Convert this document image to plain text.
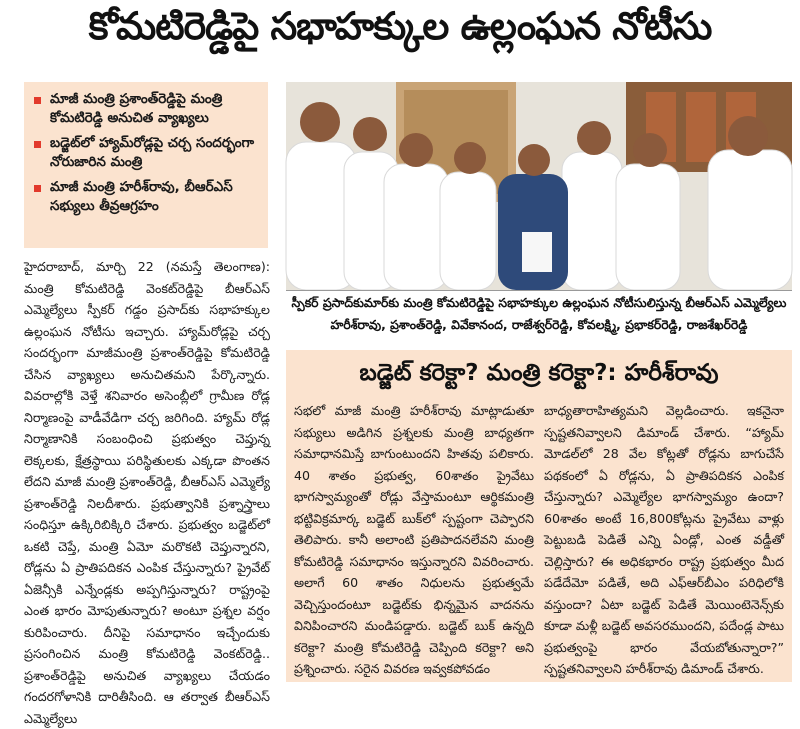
కోమటిరెడ్డిపై సభాహక్కుల ఉల్లంఘన నోటీసు
మాజీ మంత్రి ప్రశాంత్‌రెడ్డిపై మంత్రి కోమటిరెడ్డి అనుచిత వ్యాఖ్యలు
బడ్జెట్‌లో హ్యామ్‌రోడ్లపై చర్చ సందర్భంగా నోరుజారిన మంత్రి
మాజీ మంత్రి హరీశ్‌రావు, బీఆర్‌ఎస్‌ సభ్యులు తీవ్రఆగ్రహం

హైదరాబాద్‌, మార్చి 22 (నమస్తే తెలంగాణ): మంత్రి కోమటిరెడ్డి వెంకట్‌రెడ్డిపై బీఆర్‌ఎస్‌ ఎమ్మెల్యేలు స్పీకర్‌ గడ్డం ప్రసాద్‌కు సభాహక్కుల ఉల్లంఘన నోటీసు ఇచ్చారు. హ్యామ్‌రోడ్లపై చర్చ సందర్భంగా మాజీమంత్రి ప్రశాంత్‌రెడ్డిపై కోమటిరెడ్డి చేసిన వ్యాఖ్యలు అనుచితమని పేర్కొన్నారు. వివరాల్లోకి వెళ్తే శనివారం అసెంబ్లీలో గ్రామీణ రోడ్ల నిర్మాణంపై వాడీవేడిగా చర్చ జరిగింది. హ్యామ్‌ రోడ్ల నిర్మాణానికి సంబంధించి ప్రభుత్వం చెప్తున్న లెక్కలకు, క్షేత్రస్థాయి పరిస్థితులకు ఎక్కడా పొంతన లేదని మాజీ మంత్రి ప్రశాంత్‌రెడ్డి, బీఆర్‌ఎస్‌ ఎమ్మెల్యే ప్రశాంత్‌రెడ్డి నిలదీశారు. ప్రభుత్వానికి ప్రశ్నాస్త్రాలు సంధిస్తూ ఉక్కిరిబిక్కిరి చేశారు. ప్రభుత్వం బడ్జెట్‌లో ఒకటి చెప్తే, మంత్రి ఏమో మరొకటి చెప్తున్నారని, రోడ్లను ఏ ప్రాతిపదికన ఎంపిక చేస్తున్నారు? ప్రైవేట్‌ ఏజెన్సీకి ఎన్నేండ్లకు అప్పగిస్తున్నారు? రాష్ట్రంపై ఎంత భారం మోపుతున్నారు? అంటూ ప్రశ్నల వర్షం కురిపించారు. దీనిపై సమాధానం ఇచ్చేందుకు ప్రసంగించిన మంత్రి కోమటిరెడ్డి వెంకట్‌రెడ్డి.. ప్రశాంత్‌రెడ్డిపై అనుచిత వ్యాఖ్యలు చేయడం గందరగోళానికి దారితీసింది. ఆ తర్వాత బీఆర్‌ఎస్‌ ఎమ్మెల్యేలు

స్పీకర్‌ ప్రసాద్‌కుమార్‌కు మంత్రి కోమటిరెడ్డిపై సభాహక్కుల ఉల్లంఘన నోటీసులిస్తున్న బీఆర్‌ఎస్‌ ఎమ్మెల్యేలు హరీశ్‌రావు, ప్రశాంత్‌రెడ్డి, వివేకానంద, రాజేశ్వర్‌రెడ్డి, కోవలక్ష్మి, ప్రభాకర్‌రెడ్డి, రాజశేఖర్‌రెడ్డి
బడ్జెట్‌ కరెక్టా? మంత్రి కరెక్టా?: హరీశ్‌రావు

సభలో మాజీ మంత్రి హరీశ్‌రావు మాట్లాడుతూ సభ్యులు అడిగిన ప్రశ్నలకు మంత్రి బాధ్యతగా సమాధానమిస్తే బాగుంటుందని హితవు పలికారు. 40 శాతం ప్రభుత్వ, 60శాతం ప్రైవేటు భాగస్వామ్యంతో రోడ్లు వేస్తామంటూ ఆర్థికమంత్రి భట్టివిక్రమార్క బడ్జెట్‌ బుక్‌లో స్పష్టంగా చెప్పారని తెలిపారు. కానీ అలాంటి ప్రతిపాదనలేవని మంత్రి కోమటిరెడ్డి సమాధానం ఇస్తున్నారని వివరించారు. అలాగే 60 శాతం నిధులను ప్రభుత్వమే వెచ్చిస్తుందంటూ బడ్జెట్‌కు భిన్నమైన వాదనను వినిపించారని మండిపడ్డారు. బడ్జెట్‌ బుక్‌ ఉన్నది కరెక్టా? మంత్రి కోమటిరెడ్డి చెప్పింది కరెక్టా? అని ప్రశ్నించారు. సరైన వివరణ ఇవ్వకపోవడం

బాధ్యతారాహిత్యమని వెల్లడించారు. ఇకనైనా స్పష్టతనివ్వాలని డిమాండ్‌ చేశారు. “హ్యామ్‌ మోడల్‌లో 28 వేల కోట్లతో రోడ్లను బాగుచేసే పథకంలో ఏ రోడ్లను, ఏ ప్రాతిపదికన ఎంపిక చేస్తున్నారు? ఎమ్మెల్యేల భాగస్వామ్యం ఉందా? 60శాతం అంటే 16,800కోట్లను ప్రైవేటు వాళ్లు పెట్టుబడి పెడితే ఎన్ని ఏండ్లో, ఎంత వడ్డీతో చెల్లిస్తారు? ఈ అధికభారం రాష్ట్ర ప్రభుత్వం మీద పడేదేమో పడితే, అది ఎఫ్‌ఆర్‌బీఎం పరిధిలోకి వస్తుందా? ఏటా బడ్జెట్‌ పెడితే మెయింటెనెన్స్‌కు కూడా మళ్లీ బడ్జెట్‌ అవసరముందని, పదేండ్ల పాటు ప్రభుత్వంపై భారం వేయబోతున్నారా?” స్పష్టతనివ్వాలని హరీశ్‌రావు డిమాండ్‌ చేశారు.
